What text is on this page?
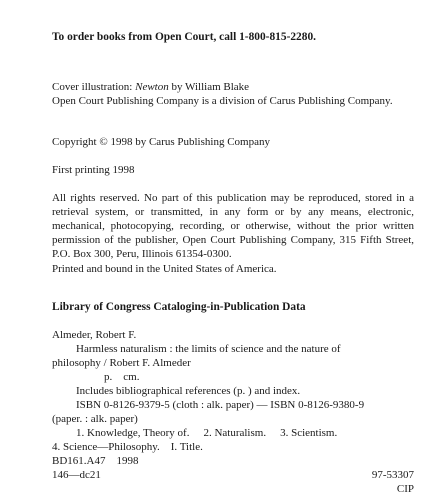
To order books from Open Court, call 1-800-815-2280.

Cover illustration: Newton by William Blake

Open Court Publishing Company is a division of Carus Publishing Company.

Copyright © 1998 by Carus Publishing Company

First printing 1998

All rights reserved. No part of this publication may be reproduced, stored in a retrieval system, or transmitted, in any form or by any means, electronic, mechanical, photocopying, recording, or otherwise, without the prior written permission of the publisher, Open Court Publishing Company, 315 Fifth Street, P.O. Box 300, Peru, Illinois 61354-0300.

Printed and bound in the United States of America.

Library of Congress Cataloging-in-Publication Data

Almeder, Robert F.
Harmless naturalism : the limits of science and the nature of
philosophy / Robert F. Almeder
p.    cm.
Includes bibliographical references (p. ) and index.
ISBN 0-8126-9379-5 (cloth : alk. paper) — ISBN 0-8126-9380-9
(paper. : alk. paper)
1. Knowledge, Theory of. 2. Naturalism. 3. Scientism.
4. Science—Philosophy.    I. Title.
BD161.A47    1998
146—dc21	97-53307
CIP
